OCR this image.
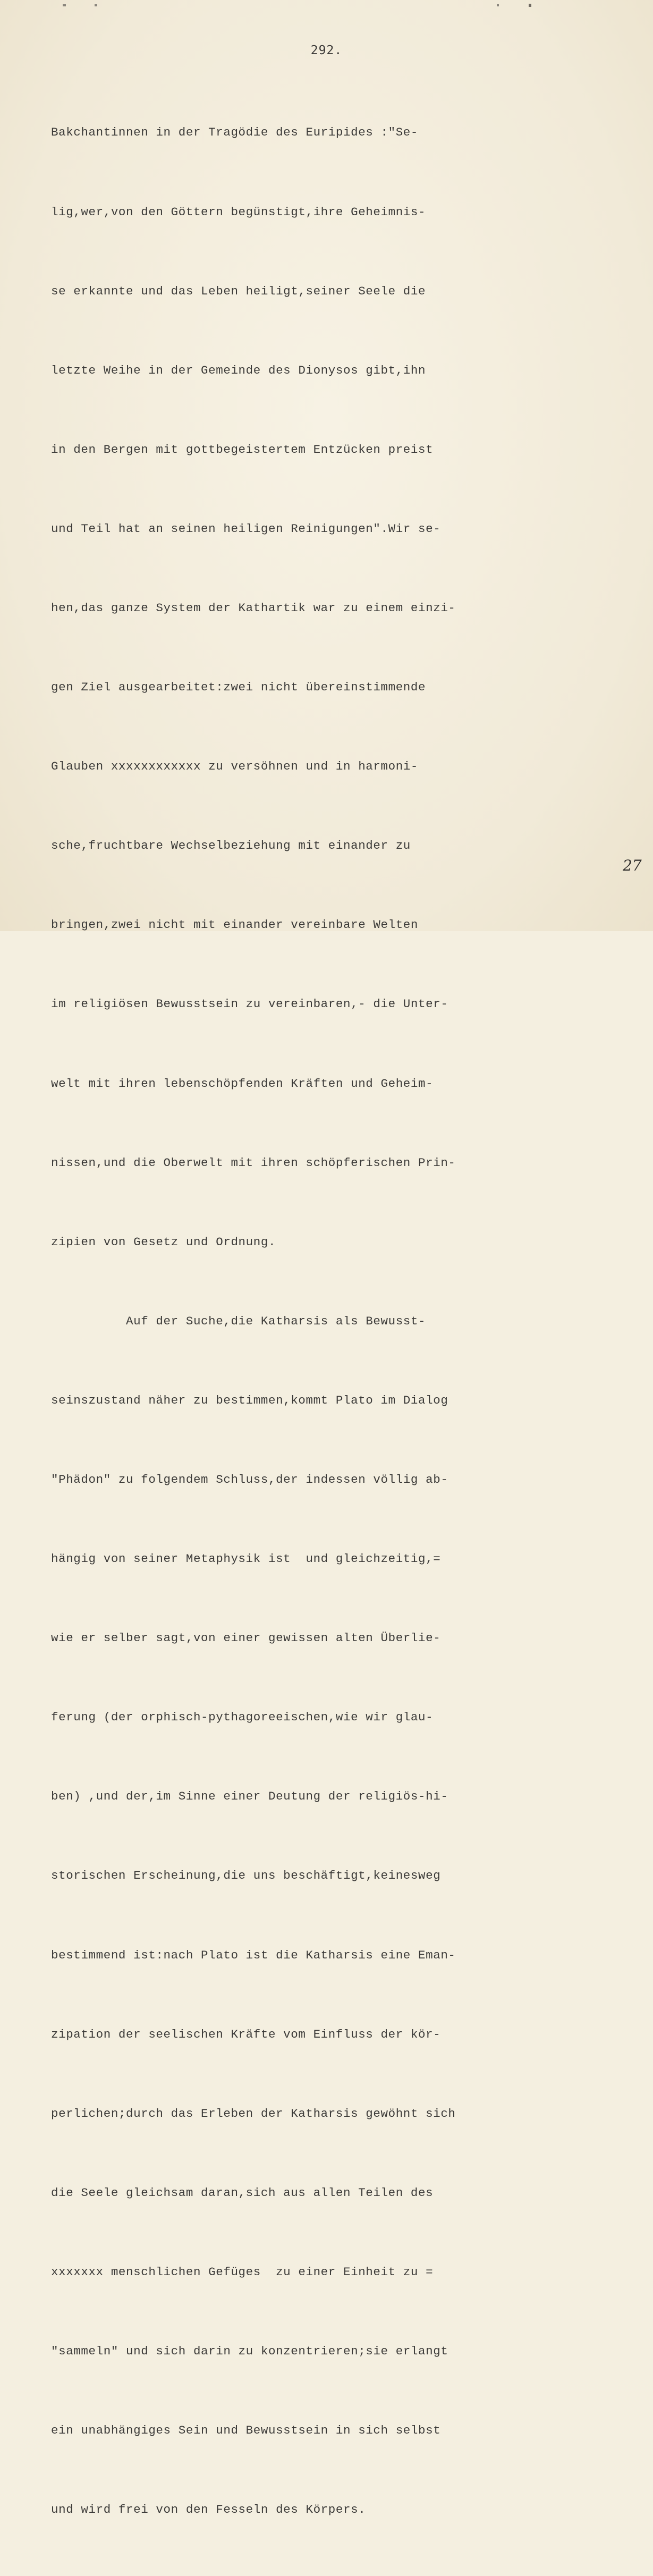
292.

Bakchantinnen in der Tragödie des Euripides :"Se-

lig,wer,von den Göttern begünstigt,ihre Geheimnis-

se erkannte und das Leben heiligt,seiner Seele die

letzte Weihe in der Gemeinde des Dionysos gibt,ihn

in den Bergen mit gottbegeistertem Entzücken preist

und Teil hat an seinen heiligen Reinigungen".Wir se-

hen,das ganze System der Kathartik war zu einem einzi-

gen Ziel ausgearbeitet:zwei nicht übereinstimmende

Glauben xxxxxxxxxxxx zu versöhnen und in harmoni-

sche,fruchtbare Wechselbeziehung mit einander zu

bringen,zwei nicht mit einander vereinbare Welten

im religiösen Bewusstsein zu vereinbaren,- die Unter-

welt mit ihren lebenschöpfenden Kräften und Geheim-

nissen,und die Oberwelt mit ihren schöpferischen Prin-

zipien von Gesetz und Ordnung.

Auf der Suche,die Katharsis als Bewusst-

seinszustand näher zu bestimmen,kommt Plato im Dialog

"Phädon" zu folgendem Schluss,der indessen völlig ab-

hängig von seiner Metaphysik ist  und gleichzeitig,=

wie er selber sagt,von einer gewissen alten Überlie-

ferung (der orphisch-pythagoreeischen,wie wir glau-

ben) ,und der,im Sinne einer Deutung der religiös-hi-

storischen Erscheinung,die uns beschäftigt,keinesweg

bestimmend ist:nach Plato ist die Katharsis eine Eman-

zipation der seelischen Kräfte vom Einfluss der kör-

perlichen;durch das Erleben der Katharsis gewöhnt sich

die Seele gleichsam daran,sich aus allen Teilen des

xxxxxxx menschlichen Gefüges  zu einer Einheit zu =

"sammeln" und sich darin zu konzentrieren;sie erlangt

ein unabhängiges Sein und Bewusstsein in sich selbst

und wird frei von den Fesseln des Körpers.

27
